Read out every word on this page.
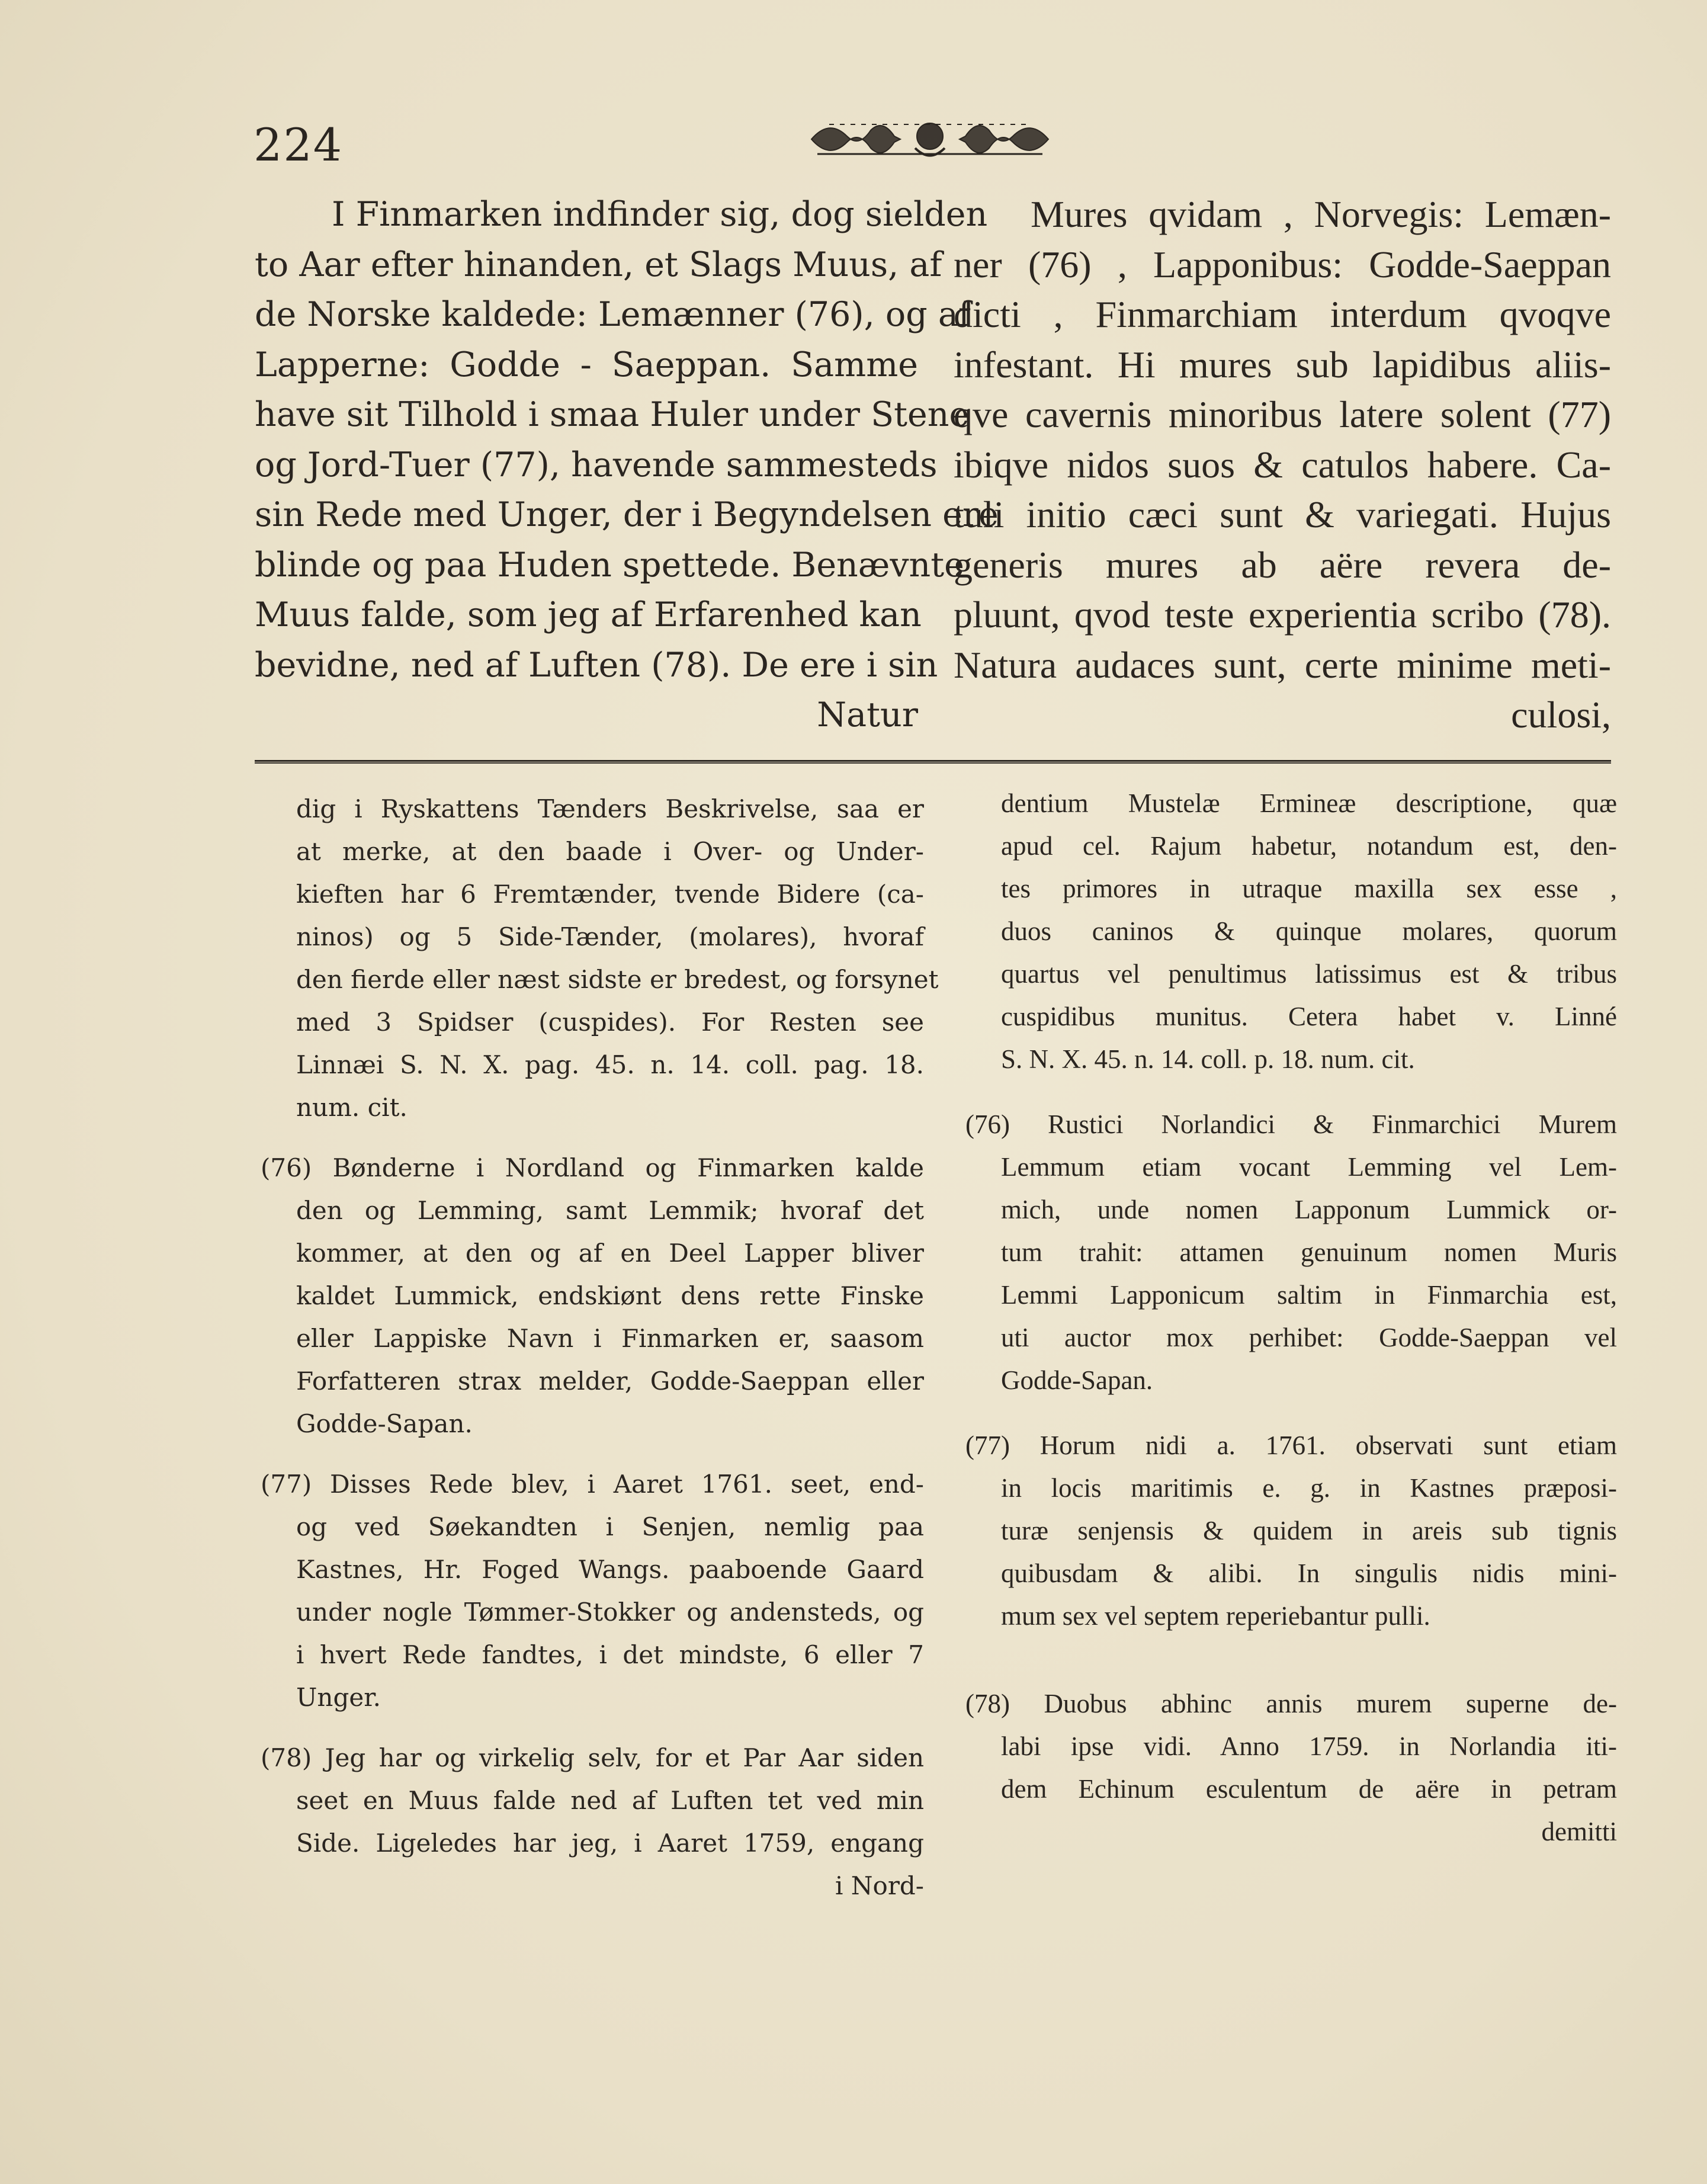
224
I Finmarken indfinder sig, dog sielden
to Aar efter hinanden, et Slags Muus, af
de Norske kaldede: Lemænner (76), og af
Lapperne: Godde - Saeppan. Samme
have sit Tilhold i smaa Huler under Stene
og Jord-Tuer (77), havende sammesteds
sin Rede med Unger, der i Begyndelsen ere
blinde og paa Huden spettede. Benævnte
Muus falde, som jeg af Erfarenhed kan
bevidne, ned af Luften (78). De ere i sin
Natur
Mures qvidam , Norvegis: Lemæn-
ner (76) , Lapponibus: Godde-Saeppan
dicti , Finmarchiam interdum qvoqve
infestant. Hi mures sub lapidibus aliis-
qve cavernis minoribus latere solent (77)
ibiqve nidos suos & catulos habere. Ca-
tuli initio cæci sunt & variegati. Hujus
generis mures ab aëre revera de-
pluunt, qvod teste experientia scribo (78).
Natura audaces sunt, certe minime meti-
culosi,
dig i Ryskattens Tænders Beskrivelse, saa er
at merke, at den baade i Over- og Under-
kieften har 6 Fremtænder, tvende Bidere (ca-
ninos) og 5 Side-Tænder, (molares), hvoraf
den fierde eller næst sidste er bredest, og forsynet
med 3 Spidser (cuspides). For Resten see
Linnæi S. N. X. pag. 45. n. 14. coll. pag. 18.
num. cit.
(76) Bønderne i Nordland og Finmarken kalde
den og Lemming, samt Lemmik; hvoraf det
kommer, at den og af en Deel Lapper bliver
kaldet Lummick, endskiønt dens rette Finske
eller Lappiske Navn i Finmarken er, saasom
Forfatteren strax melder, Godde-Saeppan eller
Godde-Sapan.
(77) Disses Rede blev, i Aaret 1761. seet, end-
og ved Søekandten i Senjen, nemlig paa
Kastnes, Hr. Foged Wangs. paaboende Gaard
under nogle Tømmer-Stokker og andensteds, og
i hvert Rede fandtes, i det mindste, 6 eller 7
Unger.
(78) Jeg har og virkelig selv, for et Par Aar siden
seet en Muus falde ned af Luften tet ved min
Side. Ligeledes har jeg, i Aaret 1759, engang
i Nord-
dentium Mustelæ Erminеæ descriptione, quæ
apud cel. Rajum habetur, notandum est, den-
tes primores in utraque maxilla sex esse ,
duos caninos & quinque molares, quorum
quartus vel penultimus latissimus est & tribus
cuspidibus munitus. Cetera habet v. Linné
S. N. X. 45. n. 14. coll. p. 18. num. cit.
(76) Rustici Norlandici & Finmarchici Murem
Lemmum etiam vocant Lemming vel Lem-
mich, unde nomen Lapponum Lummick or-
tum trahit: attamen genuinum nomen Muris
Lemmi Lapponicum saltim in Finmarchia est,
uti auctor mox perhibet: Godde-Saeppan vel
Godde-Sapan.
(77) Horum nidi a. 1761. observati sunt etiam
in locis maritimis e. g. in Kastnes præposi-
turæ senjensis & quidem in areis sub tignis
quibusdam & alibi. In singulis nidis mini-
mum sex vel septem reperiebantur pulli.
(78) Duobus abhinc annis murem superne de-
labi ipse vidi. Anno 1759. in Norlandia iti-
dem Echinum esculentum de aëre in petram
demitti
